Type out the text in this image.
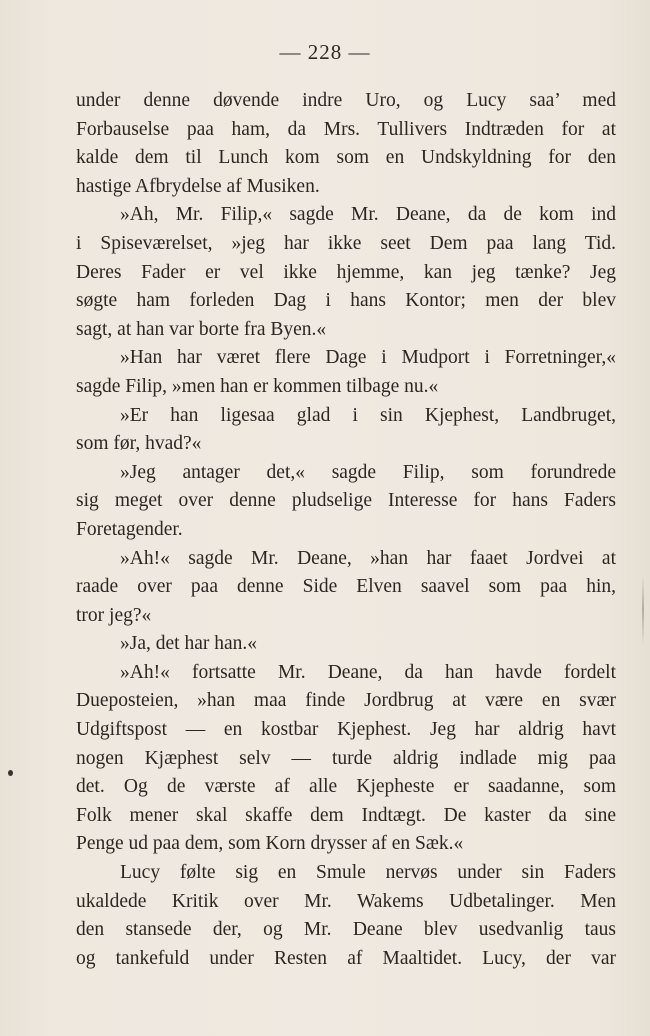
— 228 —
under denne døvende indre Uro, og Lucy saa’ med
Forbauselse paa ham, da Mrs. Tullivers Indtræden for at
kalde dem til Lunch kom som en Undskyldning for den
hastige Afbrydelse af Musiken.
»Ah, Mr. Filip,« sagde Mr. Deane, da de kom ind
i Spiseværelset, »jeg har ikke seet Dem paa lang Tid.
Deres Fader er vel ikke hjemme, kan jeg tænke? Jeg
søgte ham forleden Dag i hans Kontor; men der blev
sagt, at han var borte fra Byen.«
»Han har været flere Dage i Mudport i Forretninger,«
sagde Filip, »men han er kommen tilbage nu.«
»Er han ligesaa glad i sin Kjephest, Landbruget,
som før, hvad?«
»Jeg antager det,« sagde Filip, som forundrede
sig meget over denne pludselige Interesse for hans Faders
Foretagender.
»Ah!« sagde Mr. Deane, »han har faaet Jordvei at
raade over paa denne Side Elven saavel som paa hin,
tror jeg?«
»Ja, det har han.«
»Ah!« fortsatte Mr. Deane, da han havde fordelt
Dueposteien, »han maa finde Jordbrug at være en svær
Udgiftspost — en kostbar Kjephest. Jeg har aldrig havt
nogen Kjæphest selv — turde aldrig indlade mig paa
det. Og de værste af alle Kjepheste er saadanne, som
Folk mener skal skaffe dem Indtægt. De kaster da sine
Penge ud paa dem, som Korn drysser af en Sæk.«
Lucy følte sig en Smule nervøs under sin Faders
ukaldede Kritik over Mr. Wakems Udbetalinger. Men
den stansede der, og Mr. Deane blev usedvanlig taus
og tankefuld under Resten af Maaltidet. Lucy, der var
